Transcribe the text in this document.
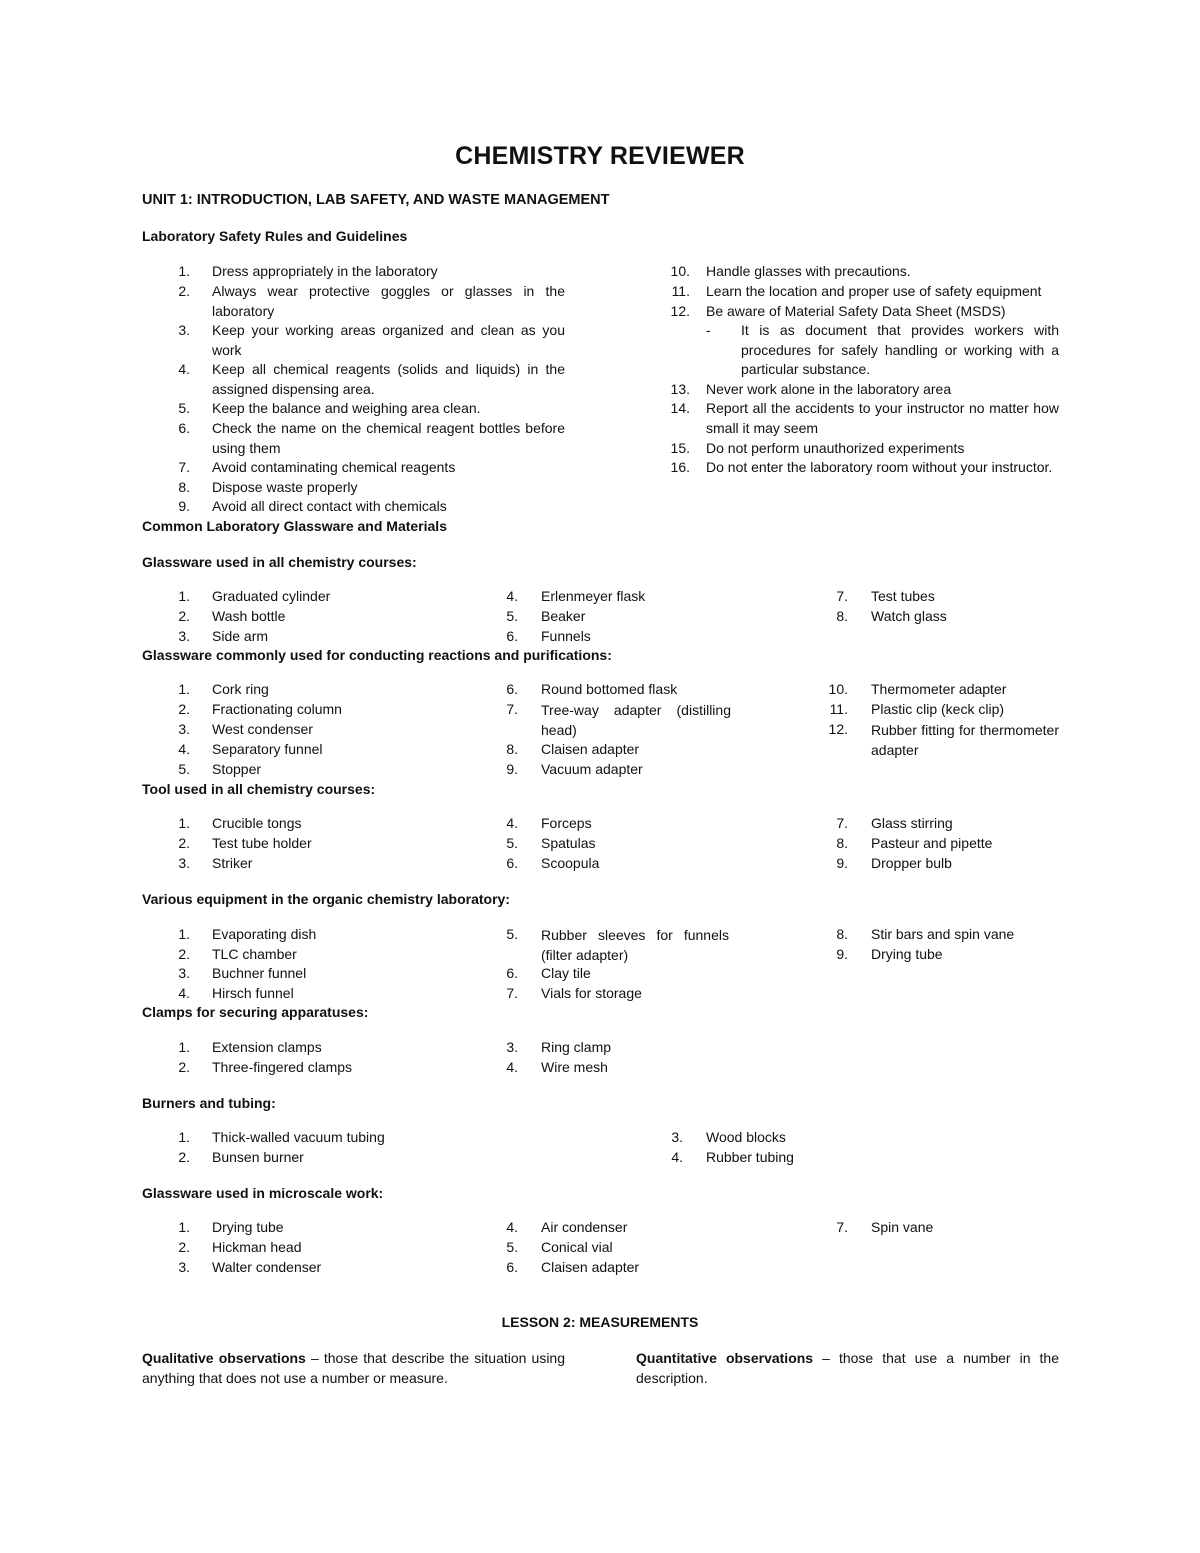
CHEMISTRY REVIEWER
UNIT 1: INTRODUCTION, LAB SAFETY, AND WASTE MANAGEMENT
Laboratory Safety Rules and Guidelines
1. Dress appropriately in the laboratory
2. Always wear protective goggles or glasses in the laboratory
3. Keep your working areas organized and clean as you work
4. Keep all chemical reagents (solids and liquids) in the assigned dispensing area.
5. Keep the balance and weighing area clean.
6. Check the name on the chemical reagent bottles before using them
7. Avoid contaminating chemical reagents
8. Dispose waste properly
9. Avoid all direct contact with chemicals
10. Handle glasses with precautions.
11. Learn the location and proper use of safety equipment
12. Be aware of Material Safety Data Sheet (MSDS)
- It is as document that provides workers with procedures for safely handling or working with a particular substance.
13. Never work alone in the laboratory area
14. Report all the accidents to your instructor no matter how small it may seem
15. Do not perform unauthorized experiments
16. Do not enter the laboratory room without your instructor.
Common Laboratory Glassware and Materials
Glassware used in all chemistry courses:
1. Graduated cylinder
2. Wash bottle
3. Side arm
4. Erlenmeyer flask
5. Beaker
6. Funnels
7. Test tubes
8. Watch glass
Glassware commonly used for conducting reactions and purifications:
1. Cork ring
2. Fractionating column
3. West condenser
4. Separatory funnel
5. Stopper
6. Round bottomed flask
7. Tree-way adapter (distilling head)
8. Claisen adapter
9. Vacuum adapter
10. Thermometer adapter
11. Plastic clip (keck clip)
12. Rubber fitting for thermometer adapter
Tool used in all chemistry courses:
1. Crucible tongs
2. Test tube holder
3. Striker
4. Forceps
5. Spatulas
6. Scoopula
7. Glass stirring
8. Pasteur and pipette
9. Dropper bulb
Various equipment in the organic chemistry laboratory:
1. Evaporating dish
2. TLC chamber
3. Buchner funnel
4. Hirsch funnel
5. Rubber sleeves for funnels (filter adapter)
6. Clay tile
7. Vials for storage
8. Stir bars and spin vane
9. Drying tube
Clamps for securing apparatuses:
1. Extension clamps
2. Three-fingered clamps
3. Ring clamp
4. Wire mesh
Burners and tubing:
1. Thick-walled vacuum tubing
2. Bunsen burner
3. Wood blocks
4. Rubber tubing
Glassware used in microscale work:
1. Drying tube
2. Hickman head
3. Walter condenser
4. Air condenser
5. Conical vial
6. Claisen adapter
7. Spin vane
LESSON 2: MEASUREMENTS
Qualitative observations – those that describe the situation using anything that does not use a number or measure.
Quantitative observations – those that use a number in the description.
